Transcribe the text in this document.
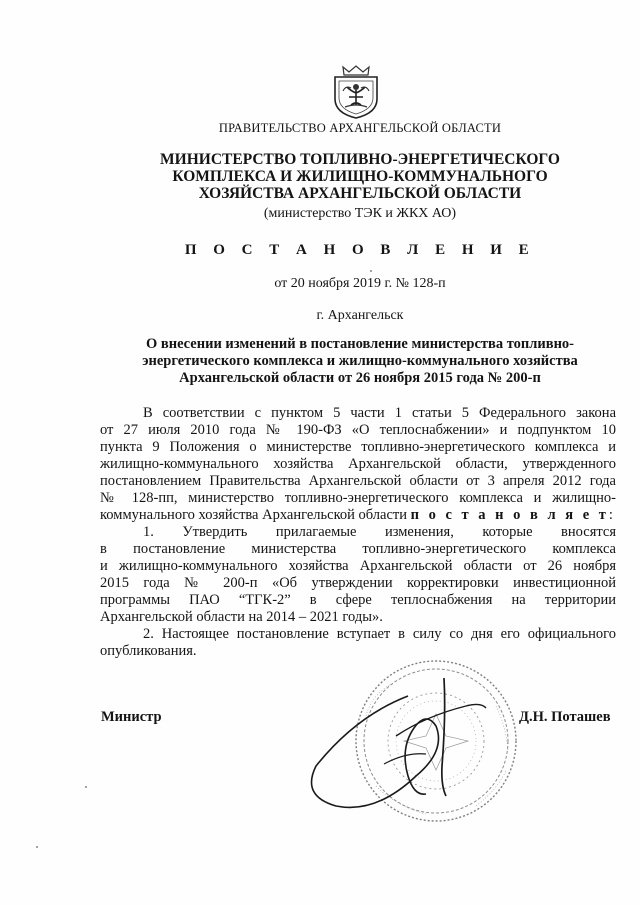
ПРАВИТЕЛЬСТВО АРХАНГЕЛЬСКОЙ ОБЛАСТИ
МИНИСТЕРСТВО ТОПЛИВНО-ЭНЕРГЕТИЧЕСКОГО
КОМПЛЕКСА И ЖИЛИЩНО-КОММУНАЛЬНОГО
ХОЗЯЙСТВА АРХАНГЕЛЬСКОЙ ОБЛАСТИ
(министерство ТЭК и ЖКХ АО)
П О С Т А Н О В Л Е Н И Е
от 20 ноября 2019 г. № 128-п
г. Архангельск
О внесении изменений в постановление министерства топливно-
энергетического комплекса и жилищно-коммунального хозяйства
Архангельской области от 26 ноября 2015 года № 200-п
В соответствии с пунктом 5 части 1 статьи 5 Федерального закона
от 27 июля 2010 года № 190-ФЗ «О теплоснабжении» и подпунктом 10
пункта 9 Положения о министерстве топливно-энергетического комплекса и
жилищно-коммунального хозяйства Архангельской области, утвержденного
постановлением Правительства Архангельской области от 3 апреля 2012 года
№ 128-пп, министерство топливно-энергетического комплекса и жилищно-
коммунального хозяйства Архангельской области п о с т а н о в л я е т:
1. Утвердить прилагаемые изменения, которые вносятся
в постановление министерства топливно-энергетического комплекса
и жилищно-коммунального хозяйства Архангельской области от 26 ноября
2015 года № 200-п «Об утверждении корректировки инвестиционной
программы ПАО “ТГК-2” в сфере теплоснабжения на территории
Архангельской области на 2014 – 2021 годы».
2. Настоящее постановление вступает в силу со дня его официального
опубликования.
Министр	Д.Н. Поташев
